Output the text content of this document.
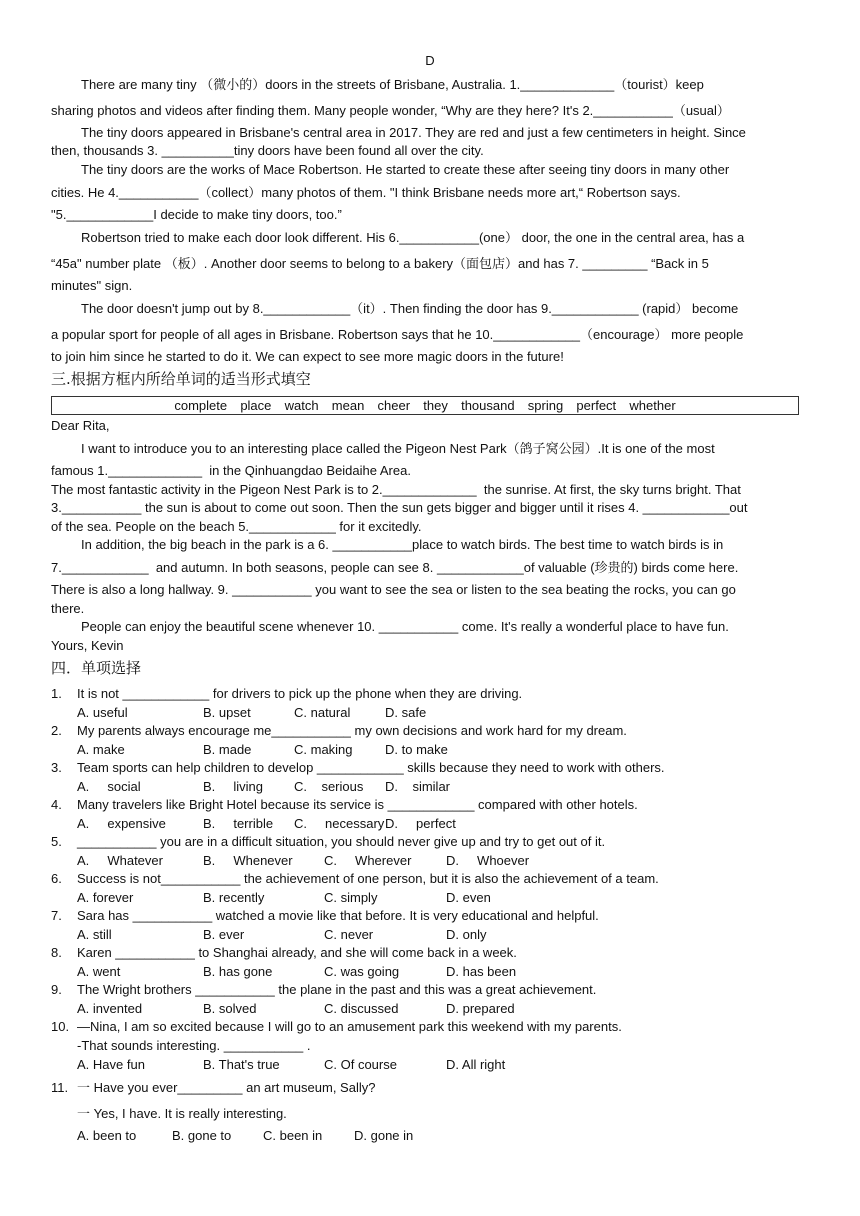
D
There are many tiny （微小的）doors in the streets of Brisbane, Australia. 1._____________（tourist）keep
sharing photos and videos after finding them. Many people wonder, “Why are they here? It's 2.___________（usual）
The tiny doors appeared in Brisbane's central area in 2017. They are red and just a few centimeters in height. Since
then, thousands 3. __________tiny doors have been found all over the city.
The tiny doors are the works of Mace Robertson. He started to create these after seeing tiny doors in many other
cities. He 4.___________（collect）many photos of them. "I think Brisbane needs more art,“ Robertson says.
"5.____________I decide to make tiny doors, too.”
Robertson tried to make each door look different. His 6.___________(one） door, the one in the central area, has a
“45a" number plate （板）. Another door seems to belong to a bakery（面包店）and has 7. _________ “Back in 5
minutes" sign.
The door doesn't jump out by 8.____________（it）. Then finding the door has 9.____________ (rapid） become
a popular sport for people of all ages in Brisbane. Robertson says that he 10.____________（encourage） more people
to join him since he started to do it. We can expect to see more magic doors in the future!
三.根据方框内所给单词的适当形式填空
complete  place  watch  mean  cheer  they  thousand  spring  perfect  whether
Dear Rita,
I want to introduce you to an interesting place called the Pigeon Nest Park（鸽子窝公园）.It is one of the most
famous 1._____________  in the Qinhuangdao Beidaihe Area.
The most fantastic activity in the Pigeon Nest Park is to 2._____________  the sunrise. At first, the sky turns bright. That
3.___________ the sun is about to come out soon. Then the sun gets bigger and bigger until it rises 4. ____________out
of the sea. People on the beach 5.____________ for it excitedly.
In addition, the big beach in the park is a 6. ___________place to watch birds. The best time to watch birds is in
7.____________  and autumn. In both seasons, people can see 8. ____________of valuable (珍贵的) birds come here.
There is also a long hallway. 9. ___________ you want to see the sea or listen to the sea beating the rocks, you can go
there.
People can enjoy the beautiful scene whenever 10. ___________ come. It's really a wonderful place to have fun.
Yours, Kevin
四．单项选择
1. It is not ____________ for drivers to pick up the phone when they are driving.
A. useful	B. upset	C. natural	D. safe
2. My parents always encourage me___________ my own decisions and work hard for my dream.
A. make	B. made	C. making D. to make
3. Team sports can help children to develop ____________ skills because they need to work with others.
A.     social	B.     living C.    serious D.    similar
4. Many travelers like Bright Hotel because its service is ____________ compared with other hotels.
A.     expensive	B.     terrible C.     necessary D.     perfect
5. ___________ you are in a difficult situation, you should never give up and try to get out of it.
A.     Whatever	B.     Whenever C.     Wherever	D.     Whoever
6. Success is not___________ the achievement of one person, but it is also the achievement of a team.
A. forever	B. recently	C. simply	D. even
7. Sara has ___________ watched a movie like that before. It is very educational and helpful.
A. still	B. ever	C. never	D. only
8. Karen ___________ to Shanghai already, and she will come back in a week.
A. went	B. has gone	C. was going	D. has been
9. The Wright brothers ___________ the plane in the past and this was a great achievement.
A. invented	B. solved	C. discussed	D. prepared
10. —Nina, I am so excited because I will go to an amusement park this weekend with my parents.
-That sounds interesting. ___________ .
A. Have fun	B. That's true	C. Of course	D. All right
11. 一 Have you ever_________ an art museum, Sally?
一 Yes, I have. It is really interesting.
A. been to	B. gone to C. been in D. gone in
